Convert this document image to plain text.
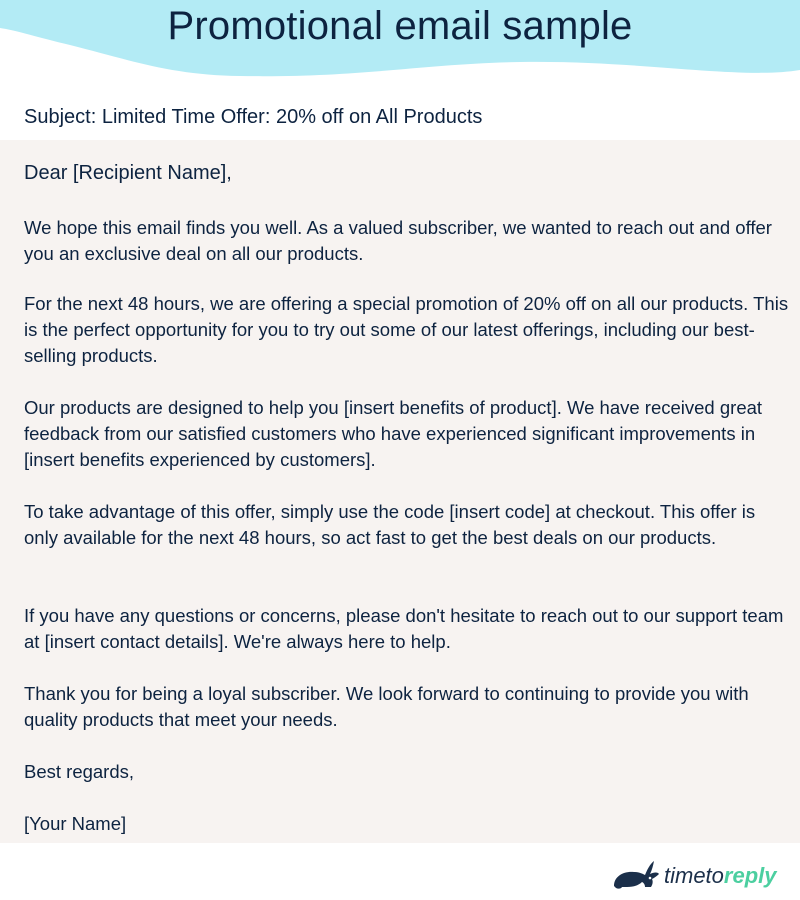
Promotional email sample

Subject: Limited Time Offer: 20% off on All Products

Dear [Recipient Name],

We hope this email finds you well. As a valued subscriber, we wanted to reach out and offer you an exclusive deal on all our products.

For the next 48 hours, we are offering a special promotion of 20% off on all our products. This is the perfect opportunity for you to try out some of our latest offerings, including our best-selling products.

Our products are designed to help you [insert benefits of product]. We have received great feedback from our satisfied customers who have experienced significant improvements in [insert benefits experienced by customers].

To take advantage of this offer, simply use the code [insert code] at checkout. This offer is only available for the next 48 hours, so act fast to get the best deals on our products.

If you have any questions or concerns, please don't hesitate to reach out to our support team at [insert contact details]. We're always here to help.

Thank you for being a loyal subscriber. We look forward to continuing to provide you with quality products that meet your needs.

Best regards,

[Your Name]

timetoreply
